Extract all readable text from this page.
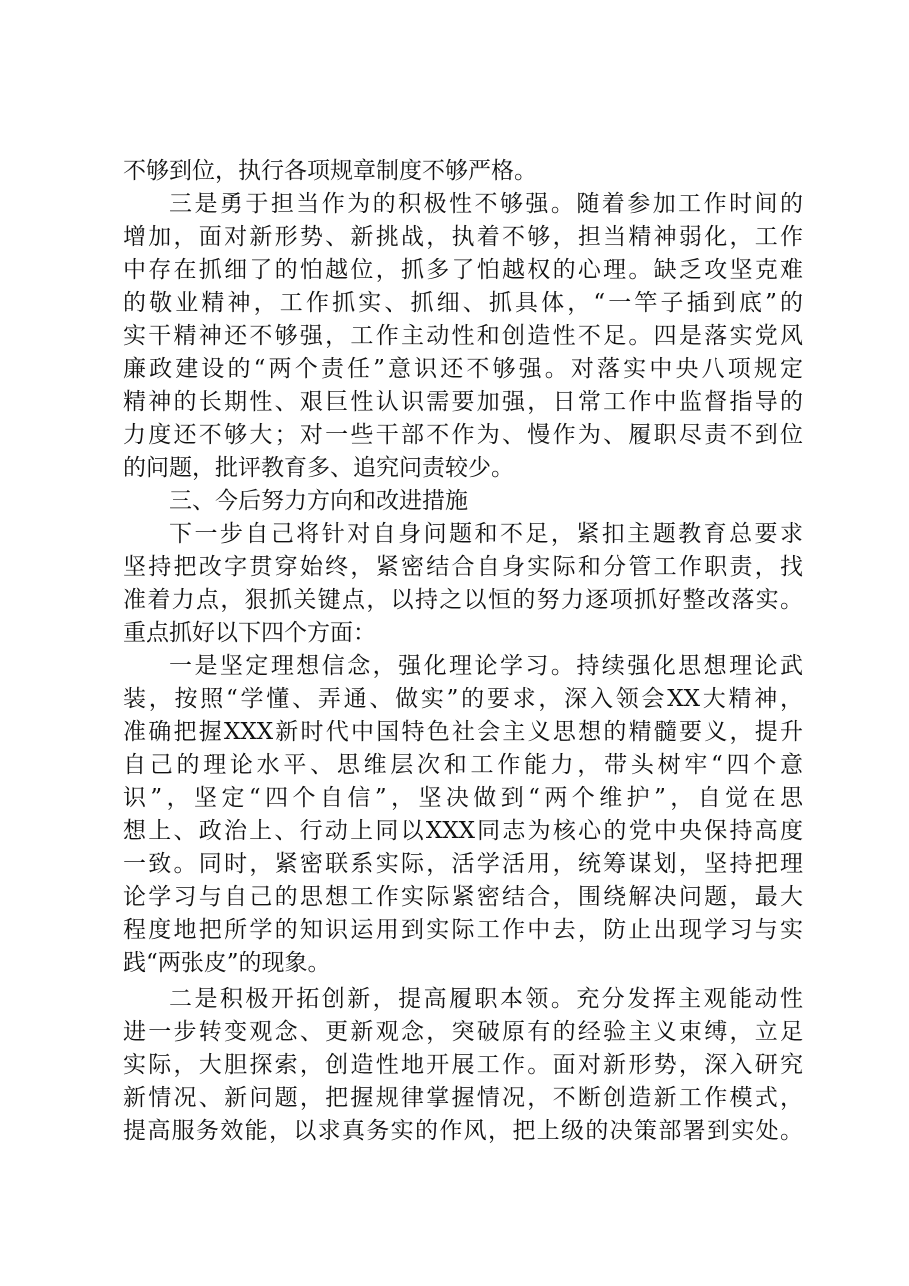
不够到位，执行各项规章制度不够严格。
三是勇于担当作为的积极性不够强。随着参加工作时间的
增加，面对新形势、新挑战，执着不够，担当精神弱化，工作
中存在抓细了的怕越位，抓多了怕越权的心理。缺乏攻坚克难
的敬业精神，工作抓实、抓细、抓具体，“一竿子插到底”的
实干精神还不够强，工作主动性和创造性不足。四是落实党风
廉政建设的“两个责任”意识还不够强。对落实中央八项规定
精神的长期性、艰巨性认识需要加强，日常工作中监督指导的
力度还不够大；对一些干部不作为、慢作为、履职尽责不到位
的问题，批评教育多、追究问责较少。
三、今后努力方向和改进措施
下一步自己将针对自身问题和不足，紧扣主题教育总要求
坚持把改字贯穿始终，紧密结合自身实际和分管工作职责，找
准着力点，狠抓关键点，以持之以恒的努力逐项抓好整改落实。
重点抓好以下四个方面：
一是坚定理想信念，强化理论学习。持续强化思想理论武
装，按照“学懂、弄通、做实”的要求，深入领会XX大精神，
准确把握XXX新时代中国特色社会主义思想的精髓要义，提升
自己的理论水平、思维层次和工作能力，带头树牢“四个意
识”，坚定“四个自信”，坚决做到“两个维护”，自觉在思
想上、政治上、行动上同以XXX同志为核心的党中央保持高度
一致。同时，紧密联系实际，活学活用，统筹谋划，坚持把理
论学习与自己的思想工作实际紧密结合，围绕解决问题，最大
程度地把所学的知识运用到实际工作中去，防止出现学习与实
践“两张皮”的现象。
二是积极开拓创新，提高履职本领。充分发挥主观能动性
进一步转变观念、更新观念，突破原有的经验主义束缚，立足
实际，大胆探索，创造性地开展工作。面对新形势，深入研究
新情况、新问题，把握规律掌握情况，不断创造新工作模式，
提高服务效能，以求真务实的作风，把上级的决策部署到实处。
